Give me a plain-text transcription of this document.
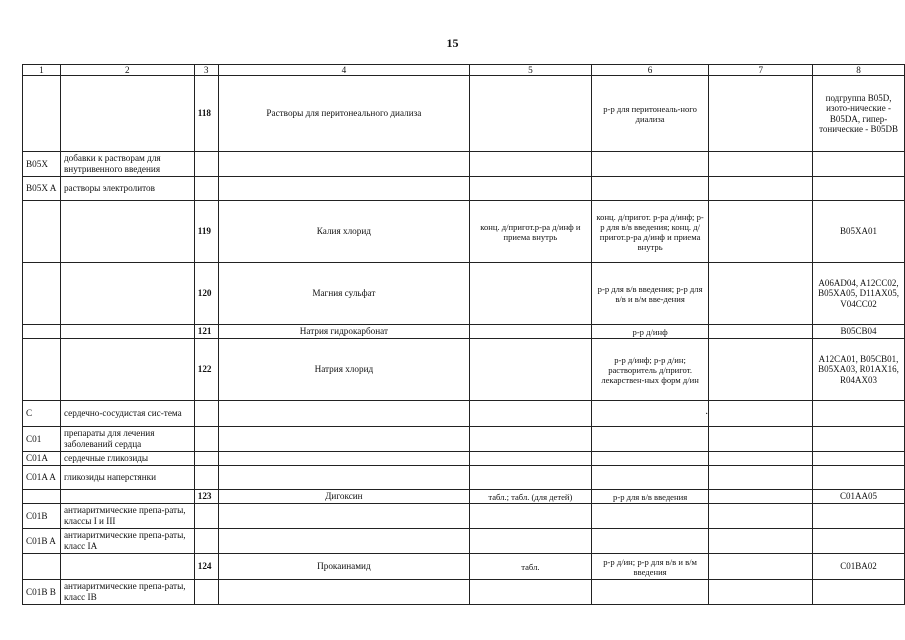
15
1	2	3	4	5	6	7	8
		118	Растворы для перитонеального диализа		р-р для перитонеаль-ного диализа		подгруппа B05D, изото-нические - B05DA, гипер-тонические - B05DB
B05X	добавки к растворам для внутривенного введения						
B05X A	растворы электролитов						
		119	Калия хлорид	конц. д/пригот.р-ра д/инф и приема внутрь	конц. д/пригот. р-ра д/инф; р-р для в/в введения; конц. д/пригот.р-ра д/инф и приема внутрь		B05XA01
		120	Магния сульфат		р-р для в/в введения; р-р для в/в и в/м вве-дения		A06AD04, A12CC02, B05XA05, D11AX05, V04CC02
		121	Натрия гидрокарбонат		р-р д/инф		B05CB04
		122	Натрия хлорид		р-р д/инф; р-р д/ин; растворитель д/пригот. лекарствен-ных форм д/ин		A12CA01, B05CB01, B05XA03, R01AX16, R04AX03
C	сердечно-сосудистая сис-тема						
C01	препараты для лечения заболеваний сердца						
C01A	сердечные гликозиды						
C01A A	гликозиды наперстянки						
		123	Дигоксин	табл.; табл. (для детей)	р-р для в/в введения		C01AA05
C01B	антиаритмические препа-раты, классы I и III						
C01B A	антиаритмические препа-раты, класс IA						
		124	Прокаинамид	табл.	р-р д/ин; р-р для в/в и в/м введения		C01BA02
C01B B	антиаритмические препа-раты, класс IB						
·
